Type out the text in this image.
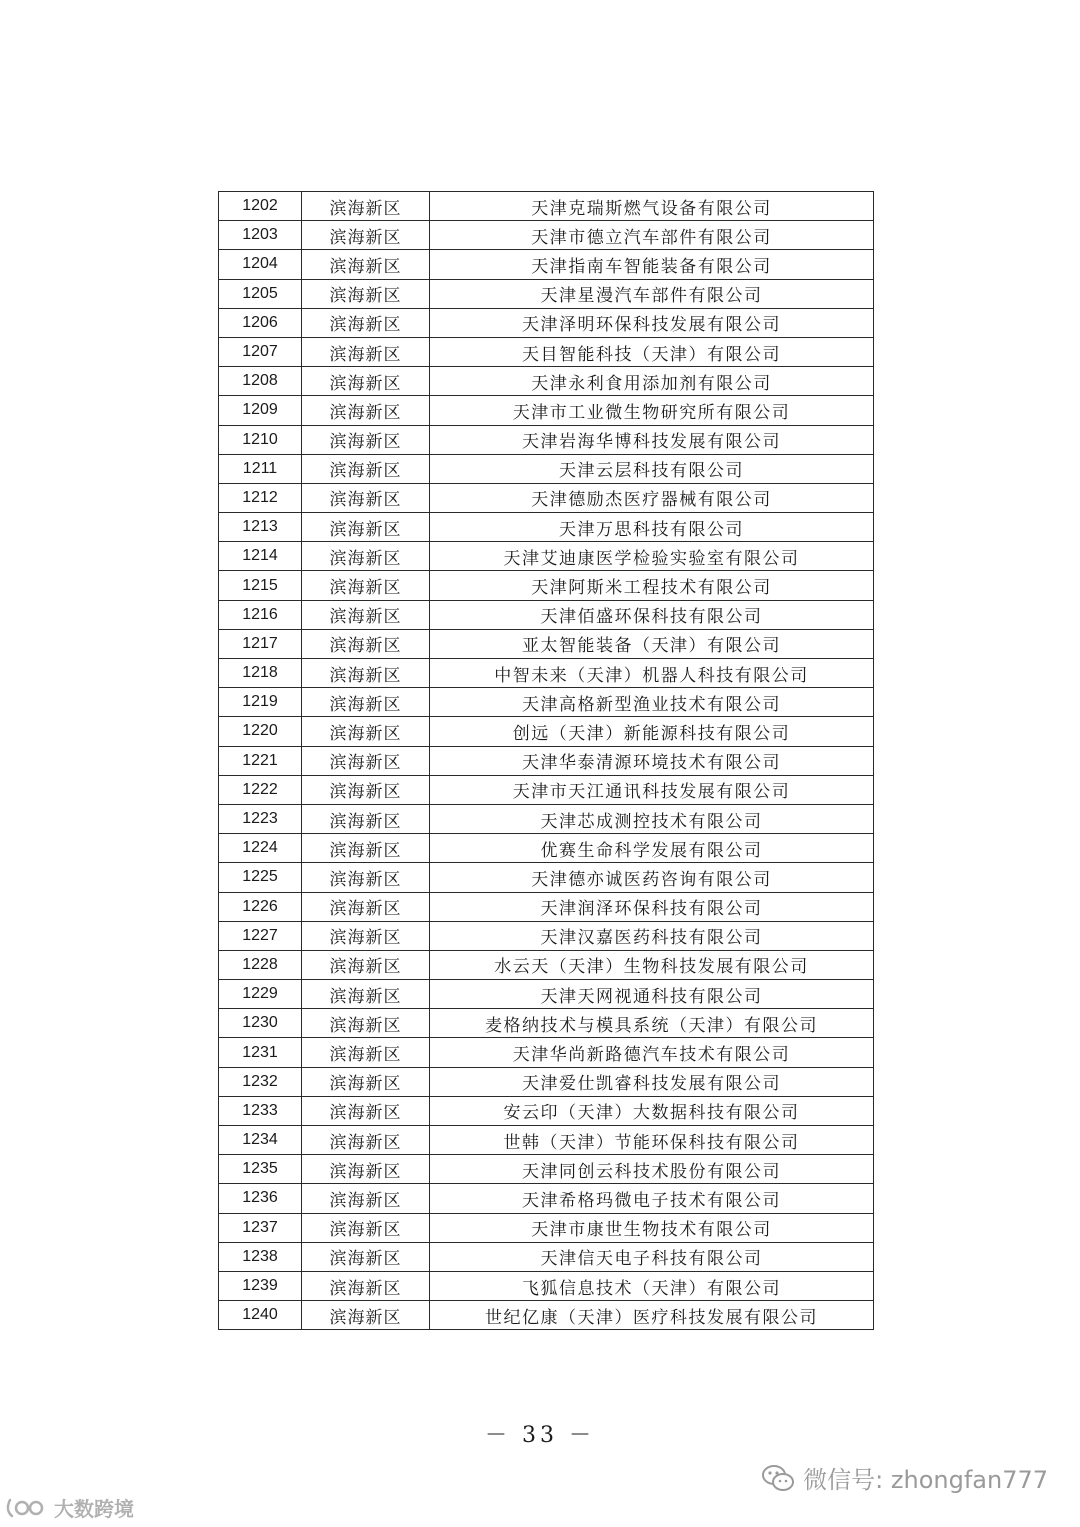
1202	滨海新区	天津克瑞斯燃气设备有限公司
1203	滨海新区	天津市德立汽车部件有限公司
1204	滨海新区	天津指南车智能装备有限公司
1205	滨海新区	天津星漫汽车部件有限公司
1206	滨海新区	天津泽明环保科技发展有限公司
1207	滨海新区	天目智能科技（天津）有限公司
1208	滨海新区	天津永利食用添加剂有限公司
1209	滨海新区	天津市工业微生物研究所有限公司
1210	滨海新区	天津岩海华博科技发展有限公司
1211	滨海新区	天津云层科技有限公司
1212	滨海新区	天津德励杰医疗器械有限公司
1213	滨海新区	天津万思科技有限公司
1214	滨海新区	天津艾迪康医学检验实验室有限公司
1215	滨海新区	天津阿斯米工程技术有限公司
1216	滨海新区	天津佰盛环保科技有限公司
1217	滨海新区	亚太智能装备（天津）有限公司
1218	滨海新区	中智未来（天津）机器人科技有限公司
1219	滨海新区	天津高格新型渔业技术有限公司
1220	滨海新区	创远（天津）新能源科技有限公司
1221	滨海新区	天津华泰清源环境技术有限公司
1222	滨海新区	天津市天江通讯科技发展有限公司
1223	滨海新区	天津芯成测控技术有限公司
1224	滨海新区	优赛生命科学发展有限公司
1225	滨海新区	天津德亦诚医药咨询有限公司
1226	滨海新区	天津润泽环保科技有限公司
1227	滨海新区	天津汉嘉医药科技有限公司
1228	滨海新区	水云天（天津）生物科技发展有限公司
1229	滨海新区	天津天网视通科技有限公司
1230	滨海新区	麦格纳技术与模具系统（天津）有限公司
1231	滨海新区	天津华尚新路德汽车技术有限公司
1232	滨海新区	天津爱仕凯睿科技发展有限公司
1233	滨海新区	安云印（天津）大数据科技有限公司
1234	滨海新区	世韩（天津）节能环保科技有限公司
1235	滨海新区	天津同创云科技术股份有限公司
1236	滨海新区	天津希格玛微电子技术有限公司
1237	滨海新区	天津市康世生物技术有限公司
1238	滨海新区	天津信天电子科技有限公司
1239	滨海新区	飞狐信息技术（天津）有限公司
1240	滨海新区	世纪亿康（天津）医疗科技发展有限公司
－ 33 －
微信号: zhongfan777
大数跨境
